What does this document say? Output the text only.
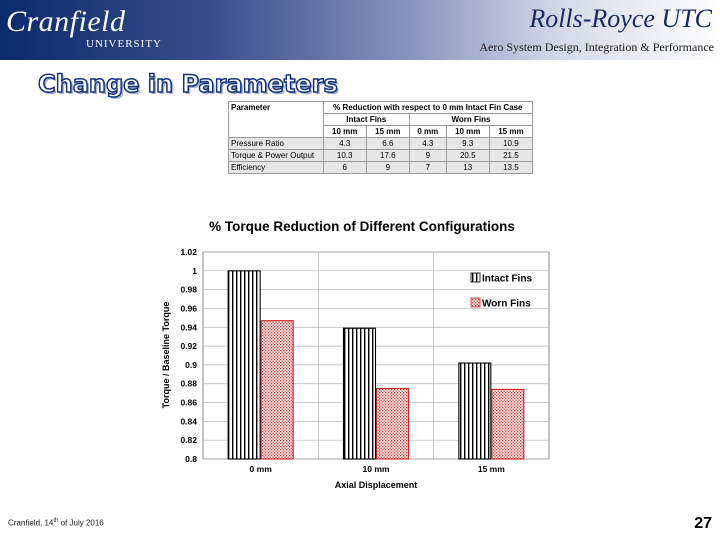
Cranfield
UNIVERSITY
Rolls-Royce UTC
Aero System Design, Integration & Performance
Change in Parameters
Parameter	% Reduction with respect to 0 mm Intact Fin Case				
	Intact Fins		Worn Fins		
	10 mm	15 mm	0 mm	10 mm	15 mm
Pressure Ratio	4.3	6.6	4.3	9.3	10.9
Torque & Power Output	10.3	17.6	9	20.5	21.5
Efficiency	6	9	7	13	13.5
% Torque Reduction of Different Configurations
1.02
1
0.98
0.96
0.94
0.92
0.9
0.88
0.86
0.84
0.82
0.8
0 mm	10 mm	15 mm
Axial Displacement
Torque / Baseline Torque
Intact Fins
Worn Fins
Cranfield, 14th of July 2016	27
